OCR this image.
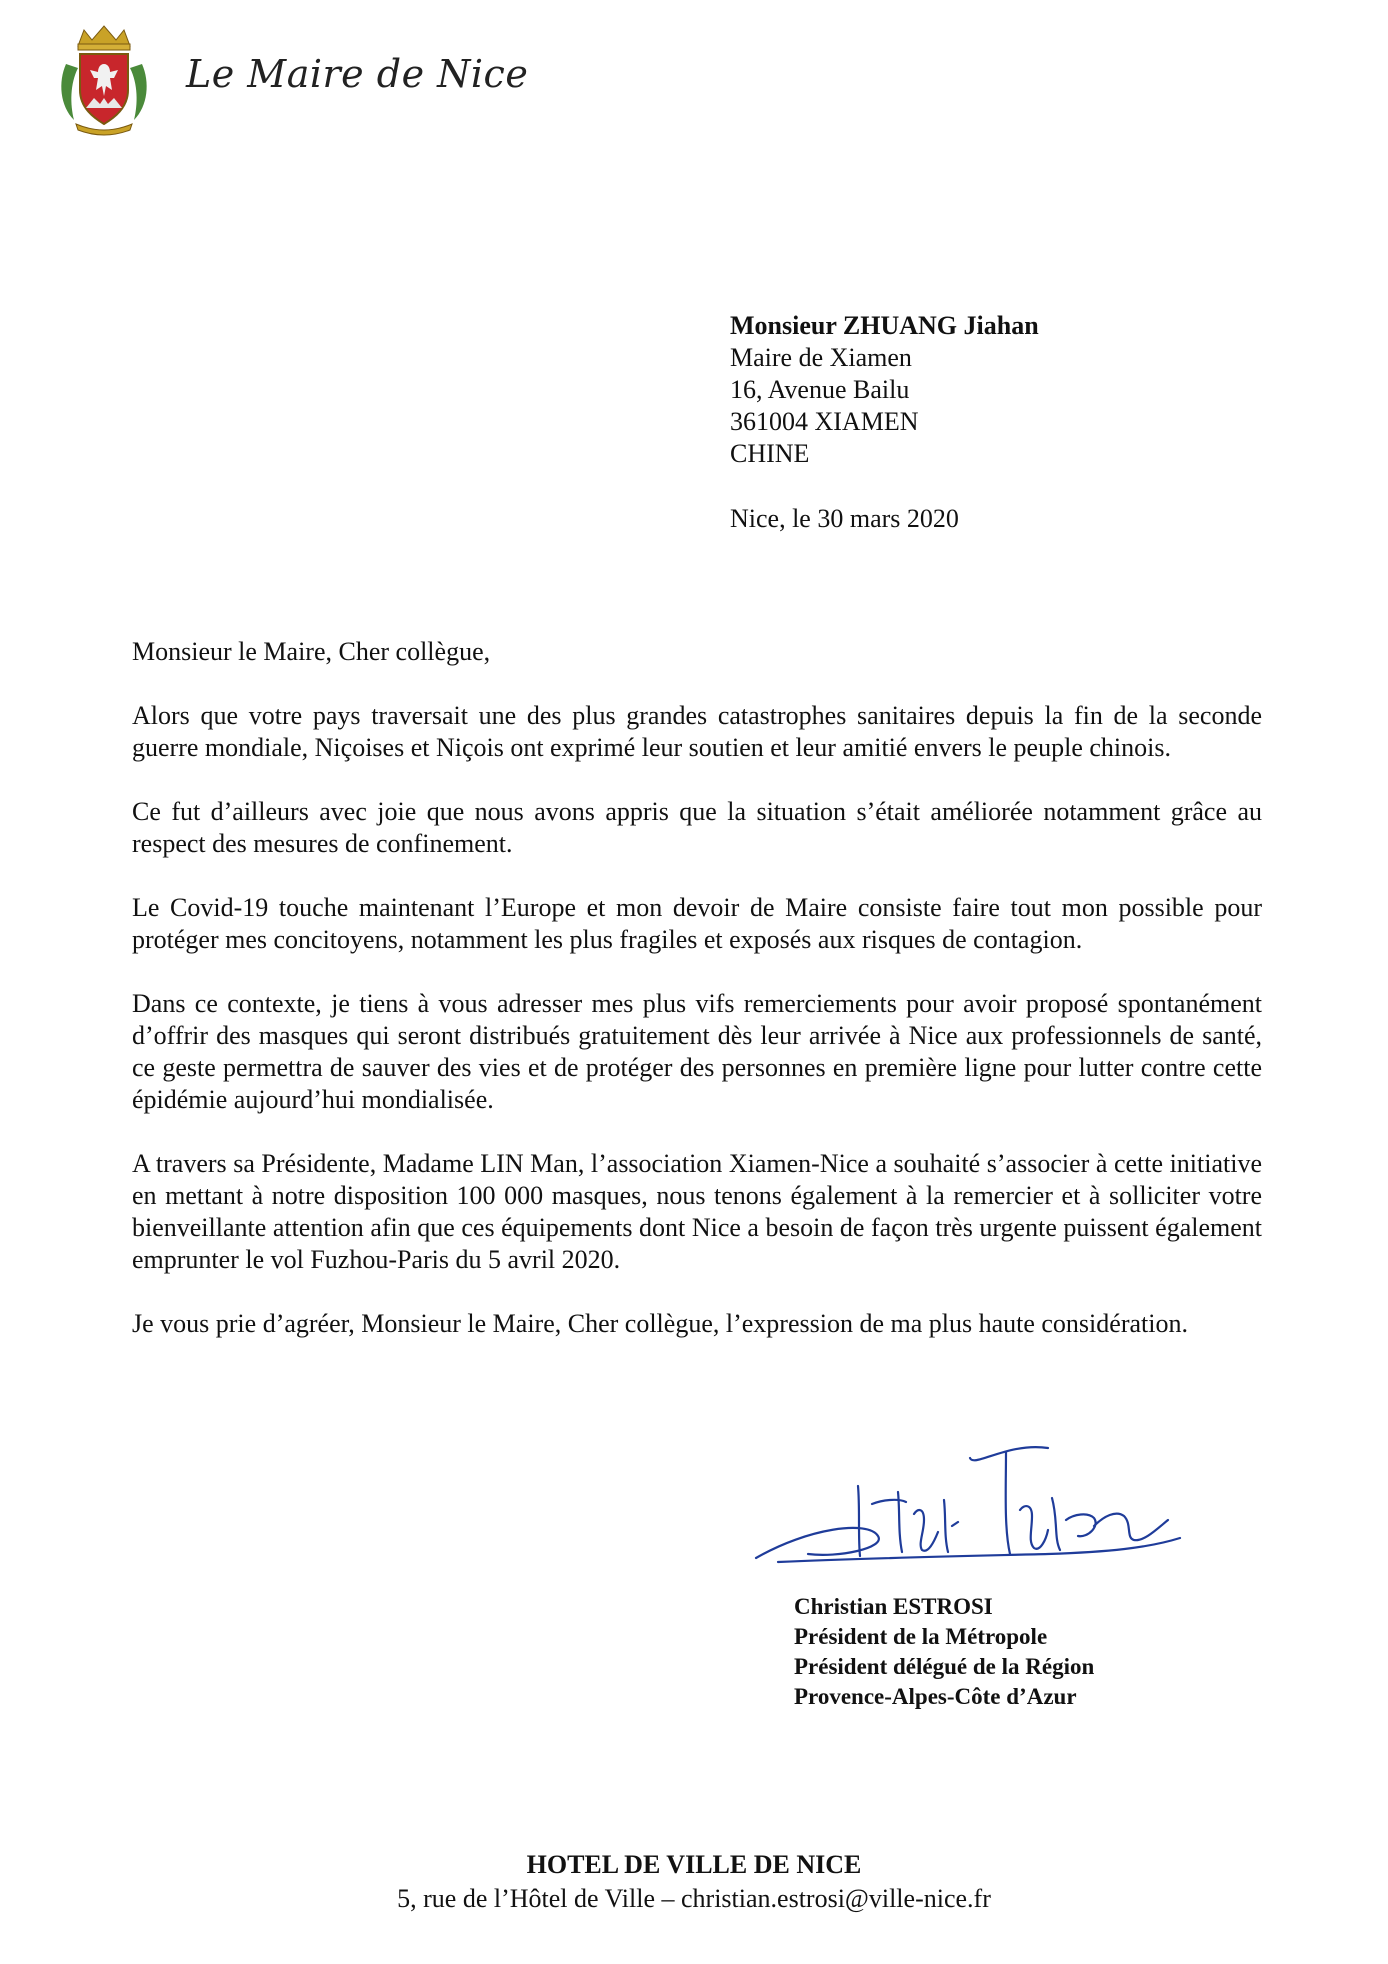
Le Maire de Nice
Monsieur ZHUANG Jiahan
Maire de Xiamen
16, Avenue Bailu
361004 XIAMEN
CHINE
Nice, le 30 mars 2020

Monsieur le Maire, Cher collègue,

Alors que votre pays traversait une des plus grandes catastrophes sanitaires depuis la fin de la seconde guerre mondiale, Niçoises et Niçois ont exprimé leur soutien et leur amitié envers le peuple chinois.

Ce fut d’ailleurs avec joie que nous avons appris que la situation s’était améliorée notamment grâce au respect des mesures de confinement.

Le Covid-19 touche maintenant l’Europe et mon devoir de Maire consiste faire tout mon possible pour protéger mes concitoyens, notamment les plus fragiles et exposés aux risques de contagion.

Dans ce contexte, je tiens à vous adresser mes plus vifs remerciements pour avoir proposé spontanément d’offrir des masques qui seront distribués gratuitement dès leur arrivée à Nice aux professionnels de santé, ce geste permettra de sauver des vies et de protéger des personnes en première ligne pour lutter contre cette épidémie aujourd’hui mondialisée.

A travers sa Présidente, Madame LIN Man, l’association Xiamen-Nice a souhaité s’associer à cette initiative en mettant à notre disposition 100 000 masques, nous tenons également à la remercier et à solliciter votre bienveillante attention afin que ces équipements dont Nice a besoin de façon très urgente puissent également emprunter le vol Fuzhou-Paris du 5 avril 2020.

Je vous prie d’agréer, Monsieur le Maire, Cher collègue, l’expression de ma plus haute considération.

Christian ESTROSI
Président de la Métropole
Président délégué de la Région
Provence-Alpes-Côte d’Azur
HOTEL DE VILLE DE NICE
5, rue de l’Hôtel de Ville – christian.estrosi@ville-nice.fr
